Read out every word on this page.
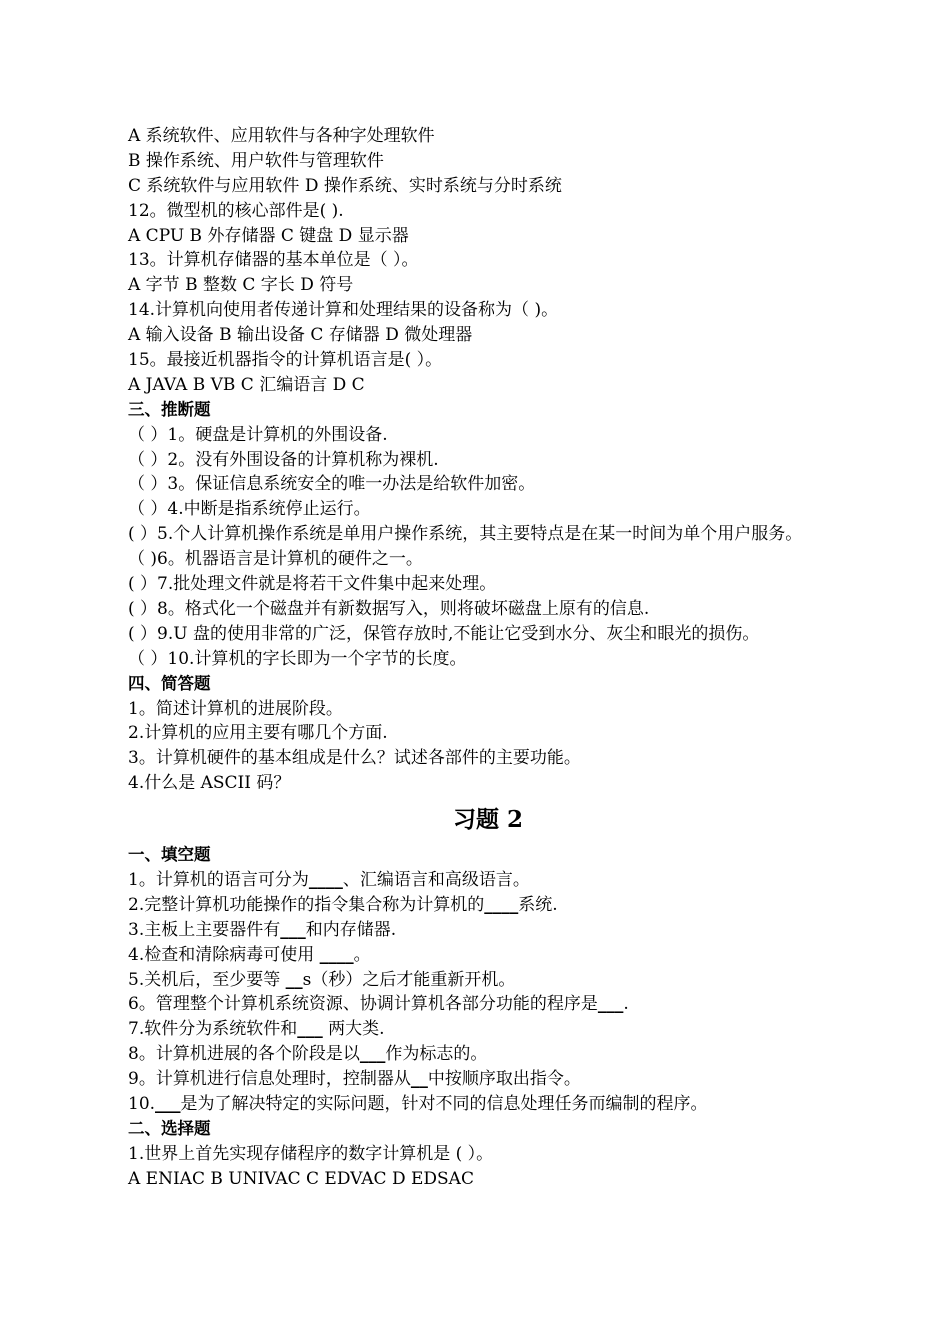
A 系统软件、应用软件与各种字处理软件
B 操作系统、用户软件与管理软件
C 系统软件与应用软件 D 操作系统、实时系统与分时系统
12。微型机的核心部件是( ).
A CPU B 外存储器 C 键盘 D 显示器
13。计算机存储器的基本单位是（ ）。
A 字节 B 整数 C 字长 D 符号
14.计算机向使用者传递计算和处理结果的设备称为（ )。
A 输入设备 B 输出设备 C 存储器 D 微处理器
15。最接近机器指令的计算机语言是( ）。
A JAVA B VB C 汇编语言 D C
三、推断题
（ ）1。硬盘是计算机的外围设备.
（ ）2。没有外围设备的计算机称为裸机.
（ ）3。保证信息系统安全的唯一办法是给软件加密。
（ ）4.中断是指系统停止运行。
( ）5.个人计算机操作系统是单用户操作系统，其主要特点是在某一时间为单个用户服务。
（ )6。机器语言是计算机的硬件之一。
( ）7.批处理文件就是将若干文件集中起来处理。
( ）8。格式化一个磁盘并有新数据写入，则将破坏磁盘上原有的信息.
( ）9.U 盘的使用非常的广泛，保管存放时,不能让它受到水分、灰尘和眼光的损伤。
（ ）10.计算机的字长即为一个字节的长度。
四、简答题
1。简述计算机的进展阶段。
2.计算机的应用主要有哪几个方面.
3。计算机硬件的基本组成是什么？试述各部件的主要功能。
4.什么是 ASCII 码？
习题 2
一、填空题
1。计算机的语言可分为____、汇编语言和高级语言。
2.完整计算机功能操作的指令集合称为计算机的____系统.
3.主板上主要器件有___和内存储器.
4.检查和清除病毒可使用 ____。
5.关机后，至少要等 __s（秒）之后才能重新开机。
6。管理整个计算机系统资源、协调计算机各部分功能的程序是___.
7.软件分为系统软件和___ 两大类.
8。计算机进展的各个阶段是以___作为标志的。
9。计算机进行信息处理时，控制器从__中按顺序取出指令。
10.___是为了解决特定的实际问题，针对不同的信息处理任务而编制的程序。
二、选择题
1.世界上首先实现存储程序的数字计算机是 ( ）。
A ENIAC B UNIVAC C EDVAC D EDSAC
